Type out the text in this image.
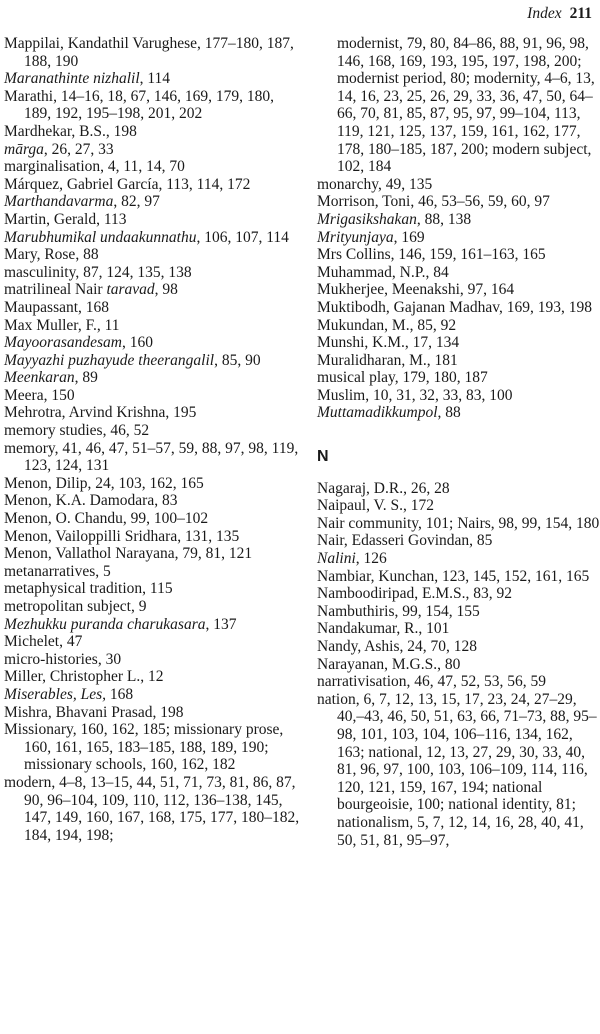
Index 211
Mappilai, Kandathil Varughese, 177–180, 187, 188, 190
Maranathinte nizhalil, 114
Marathi, 14–16, 18, 67, 146, 169, 179, 180, 189, 192, 195–198, 201, 202
Mardhekar, B.S., 198
mārga, 26, 27, 33
marginalisation, 4, 11, 14, 70
Márquez, Gabriel García, 113, 114, 172
Marthandavarma, 82, 97
Martin, Gerald, 113
Marubhumikal undaakunnathu, 106, 107, 114
Mary, Rose, 88
masculinity, 87, 124, 135, 138
matrilineal Nair taravad, 98
Maupassant, 168
Max Muller, F., 11
Mayoorasandesam, 160
Mayyazhi puzhayude theerangalil, 85, 90
Meenkaran, 89
Meera, 150
Mehrotra, Arvind Krishna, 195
memory studies, 46, 52
memory, 41, 46, 47, 51–57, 59, 88, 97, 98, 119, 123, 124, 131
Menon, Dilip, 24, 103, 162, 165
Menon, K.A. Damodara, 83
Menon, O. Chandu, 99, 100–102
Menon, Vailoppilli Sridhara, 131, 135
Menon, Vallathol Narayana, 79, 81, 121
metanarratives, 5
metaphysical tradition, 115
metropolitan subject, 9
Mezhukku puranda charukasara, 137
Michelet, 47
micro-histories, 30
Miller, Christopher L., 12
Miserables, Les, 168
Mishra, Bhavani Prasad, 198
Missionary, 160, 162, 185; missionary prose, 160, 161, 165, 183–185, 188, 189, 190; missionary schools, 160, 162, 182
modern, 4–8, 13–15, 44, 51, 71, 73, 81, 86, 87, 90, 96–104, 109, 110, 112, 136–138, 145, 147, 149, 160, 167, 168, 175, 177, 180–182, 184, 194, 198;
modernist, 79, 80, 84–86, 88, 91, 96, 98, 146, 168, 169, 193, 195, 197, 198, 200; modernist period, 80; modernity, 4–6, 13, 14, 16, 23, 25, 26, 29, 33, 36, 47, 50, 64–66, 70, 81, 85, 87, 95, 97, 99–104, 113, 119, 121, 125, 137, 159, 161, 162, 177, 178, 180–185, 187, 200; modern subject, 102, 184
monarchy, 49, 135
Morrison, Toni, 46, 53–56, 59, 60, 97
Mrigasikshakan, 88, 138
Mrityunjaya, 169
Mrs Collins, 146, 159, 161–163, 165
Muhammad, N.P., 84
Mukherjee, Meenakshi, 97, 164
Muktibodh, Gajanan Madhav, 169, 193, 198
Mukundan, M., 85, 92
Munshi, K.M., 17, 134
Muralidharan, M., 181
musical play, 179, 180, 187
Muslim, 10, 31, 32, 33, 83, 100
Muttamadikkumpol, 88
N
Nagaraj, D.R., 26, 28
Naipaul, V. S., 172
Nair community, 101; Nairs, 98, 99, 154, 180
Nair, Edasseri Govindan, 85
Nalini, 126
Nambiar, Kunchan, 123, 145, 152, 161, 165
Namboodiripad, E.M.S., 83, 92
Nambuthiris, 99, 154, 155
Nandakumar, R., 101
Nandy, Ashis, 24, 70, 128
Narayanan, M.G.S., 80
narrativisation, 46, 47, 52, 53, 56, 59
nation, 6, 7, 12, 13, 15, 17, 23, 24, 27–29, 40,–43, 46, 50, 51, 63, 66, 71–73, 88, 95–98, 101, 103, 104, 106–116, 134, 162, 163; national, 12, 13, 27, 29, 30, 33, 40, 81, 96, 97, 100, 103, 106–109, 114, 116, 120, 121, 159, 167, 194; national bourgeoisie, 100; national identity, 81; nationalism, 5, 7, 12, 14, 16, 28, 40, 41, 50, 51, 81, 95–97,
